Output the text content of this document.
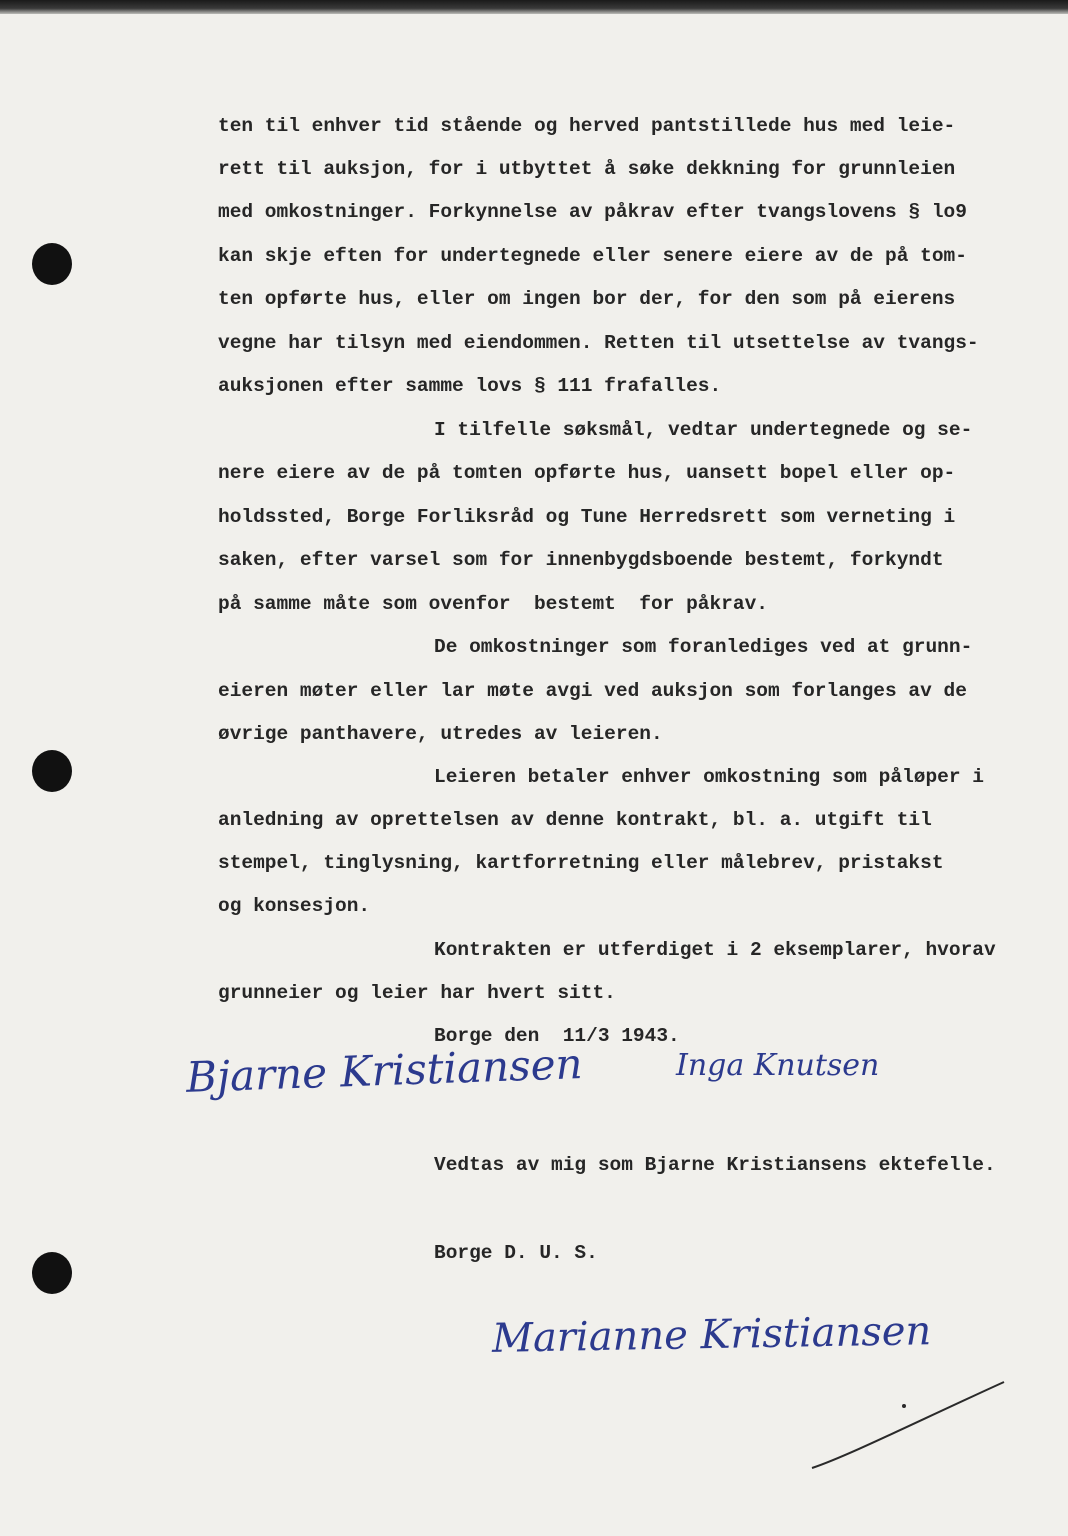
ten til enhver tid stående og herved pantstillede hus med leie-

rett til auksjon, for i utbyttet å søke dekkning for grunnleien

med omkostninger. Forkynnelse av påkrav efter tvangslovens § lo9

kan skje eften for undertegnede eller senere eiere av de på tom-

ten opførte hus, eller om ingen bor der, for den som på eierens

vegne har tilsyn med eiendommen. Retten til utsettelse av tvangs-

auksjonen efter samme lovs § 111 frafalles.

I tilfelle søksmål, vedtar undertegnede og se-

nere eiere av de på tomten opførte hus, uansett bopel eller op-

holdssted, Borge Forliksråd og Tune Herredsrett som verneting i

saken, efter varsel som for innenbygdsboende bestemt, forkyndt

på samme måte som ovenfor  bestemt  for påkrav.

De omkostninger som foranlediges ved at grunn-

eieren møter eller lar møte avgi ved auksjon som forlanges av de

øvrige panthavere, utredes av leieren.

Leieren betaler enhver omkostning som påløper i

anledning av oprettelsen av denne kontrakt, bl. a. utgift til

stempel, tinglysning, kartforretning eller målebrev, pristakst

og konsesjon.

Kontrakten er utferdiget i 2 eksemplarer, hvorav

grunneier og leier har hvert sitt.

Borge den  11/3 1943.

Bjarne Kristiansen	Inga Knutsen

Vedtas av mig som Bjarne Kristiansens ektefelle.

Borge D. U. S.

Marianne Kristiansen
